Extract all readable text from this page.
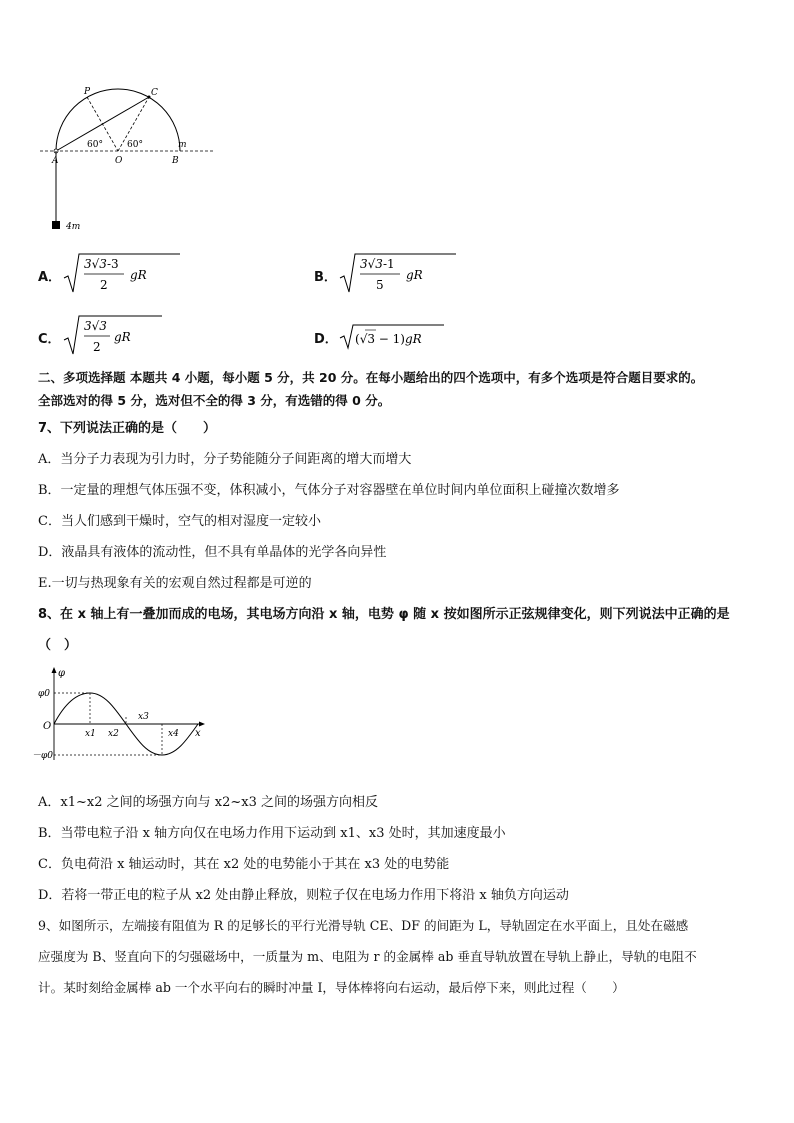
P	C
A	O	B
m
4m
60°	60°
A．
3√3-3
2
gR	B．
3√3-1
5
gR
C．
3√3
2
gR	D． (√3 − 1)gR
二、多项选择题 本题共 4 小题，每小题 5 分，共 20 分。在每小题给出的四个选项中，有多个选项是符合题目要求的。
全部选对的得 5 分，选对但不全的得 3 分，有选错的得 0 分。
7、下列说法正确的是（　　）
A．当分子力表现为引力时，分子势能随分子间距离的增大而增大
B．一定量的理想气体压强不变，体积减小，气体分子对容器壁在单位时间内单位面积上碰撞次数增多
C．当人们感到干燥时，空气的相对湿度一定较小
D．液晶具有液体的流动性，但不具有单晶体的光学各向异性
E.一切与热现象有关的宏观自然过程都是可逆的
8、在 x 轴上有一叠加而成的电场，其电场方向沿 x 轴，电势 φ 随 x 按如图所示正弦规律变化，则下列说法中正确的是
（　）
φ
φ0
－φ0
O
x1 x2
x3
x4 x
A．x1~x2 之间的场强方向与 x2~x3 之间的场强方向相反
B．当带电粒子沿 x 轴方向仅在电场力作用下运动到 x1、x3 处时，其加速度最小
C．负电荷沿 x 轴运动时，其在 x2 处的电势能小于其在 x3 处的电势能
D．若将一带正电的粒子从 x2 处由静止释放，则粒子仅在电场力作用下将沿 x 轴负方向运动
9、如图所示，左端接有阻值为 R 的足够长的平行光滑导轨 CE、DF 的间距为 L，导轨固定在水平面上，且处在磁感
应强度为 B、竖直向下的匀强磁场中，一质量为 m、电阻为 r 的金属棒 ab 垂直导轨放置在导轨上静止，导轨的电阻不
计。某时刻给金属棒 ab 一个水平向右的瞬时冲量 I，导体棒将向右运动，最后停下来，则此过程（　　）
